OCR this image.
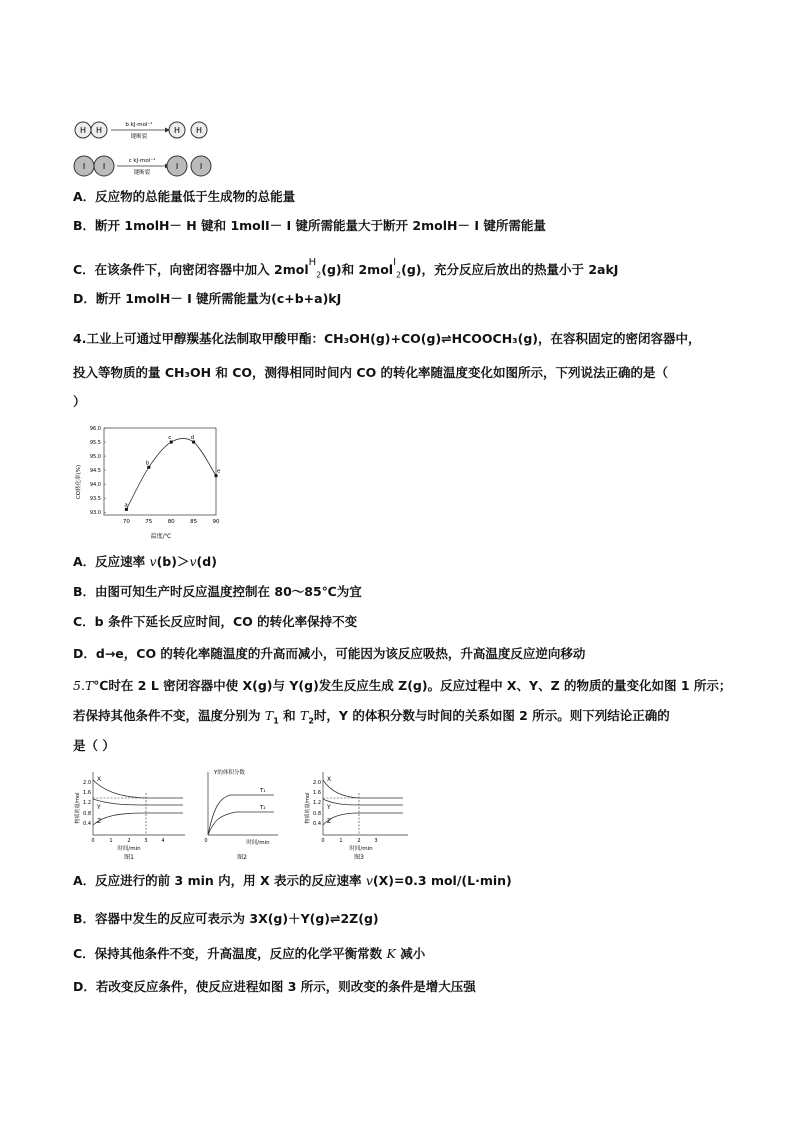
H H
b kJ·mol⁻¹
键断裂
H H
I I
c kJ·mol⁻¹
键断裂
I	I
A．反应物的总能量低于生成物的总能量
B．断开 1molH－ H 键和 1molI－ I 键所需能量大于断开 2molH－ I 键所需能量
C．在该条件下，向密闭容器中加入 2mol$^H_2$(g)和 2mol$^I_2$(g)，充分反应后放出的热量小于 2akJ
D．断开 1molH－ I 键所需能量为(c+b+a)kJ
4.工业上可通过甲醇羰基化法制取甲酸甲酯：CH₃OH(g)+CO(g)⇌HCOOCH₃(g)，在容积固定的密闭容器中，
投入等物质的量 CH₃OH 和 CO，测得相同时间内 CO 的转化率随温度变化如图所示，下列说法正确的是（
）
CO转化率(%)
温度/℃
70	75	80	85	90
93.0
93.5
94.0
94.5
95.0
95.5
96.0
a
b
c	d
e
A．反应速率 v(b)＞v(d)
B．由图可知生产时反应温度控制在 80～85℃为宜
C．b 条件下延长反应时间，CO 的转化率保持不变
D．d→e，CO 的转化率随温度的升高而减小，可能因为该反应吸热，升高温度反应逆向移动
5.T℃时在 2 L 密闭容器中使 X(g)与 Y(g)发生反应生成 Z(g)。反应过程中 X、Y、Z 的物质的量变化如图 1 所示；
若保持其他条件不变，温度分别为 $T_1$ 和 $T_2$时，Y 的体积分数与时间的关系如图 2 所示。则下列结论正确的
是（ ）
物质的量/mol
2.0
1.6
1.2
0.8
0.4
0	1	2	3	4
X
Y
Z
时间/min
图1
Y的体积分数
0
T₁
T₂
时间/min
图2
物质的量/mol
2.0
1.6
1.2
0.8
0.4
0	1	2	3
X
Y
Z
时间/min
图3
A．反应进行的前 3 min 内，用 X 表示的反应速率 v(X)=0.3 mol/(L·min)
B．容器中发生的反应可表示为 3X(g)＋Y(g)⇌2Z(g)
C．保持其他条件不变，升高温度，反应的化学平衡常数 K 减小
D．若改变反应条件，使反应进程如图 3 所示，则改变的条件是增大压强
